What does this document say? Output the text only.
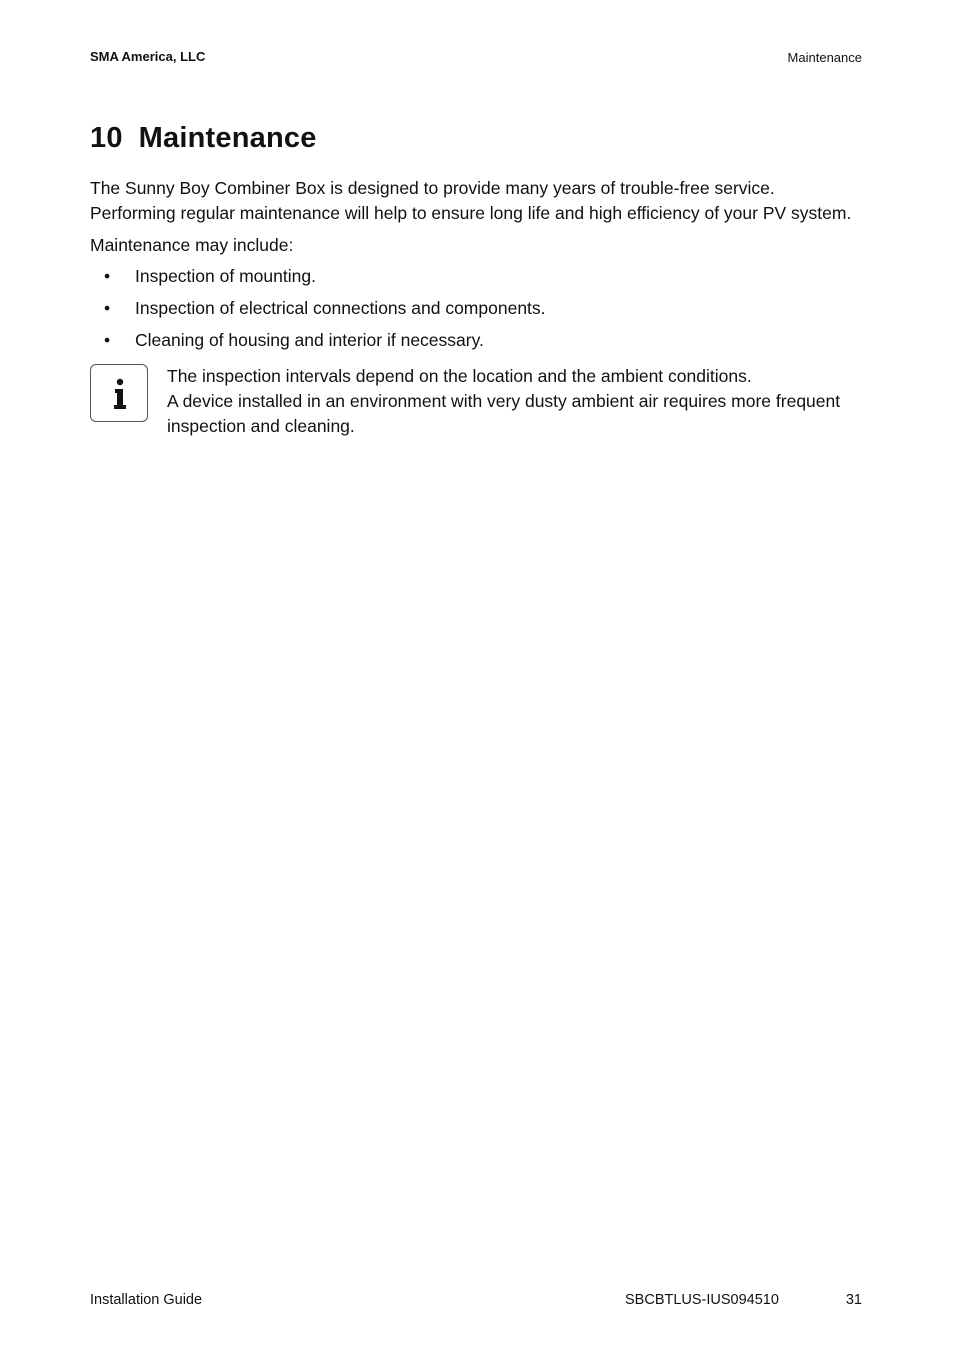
SMA America, LLC	Maintenance
10 Maintenance

The Sunny Boy Combiner Box is designed to provide many years of trouble-free service.
Performing regular maintenance will help to ensure long life and high efficiency of your PV system.

Maintenance may include:

• Inspection of mounting.
• Inspection of electrical connections and components.
• Cleaning of housing and interior if necessary.

The inspection intervals depend on the location and the ambient conditions.
A device installed in an environment with very dusty ambient air requires more frequent inspection and cleaning.

Installation Guide	SBCBTLUS-IUS094510	31
